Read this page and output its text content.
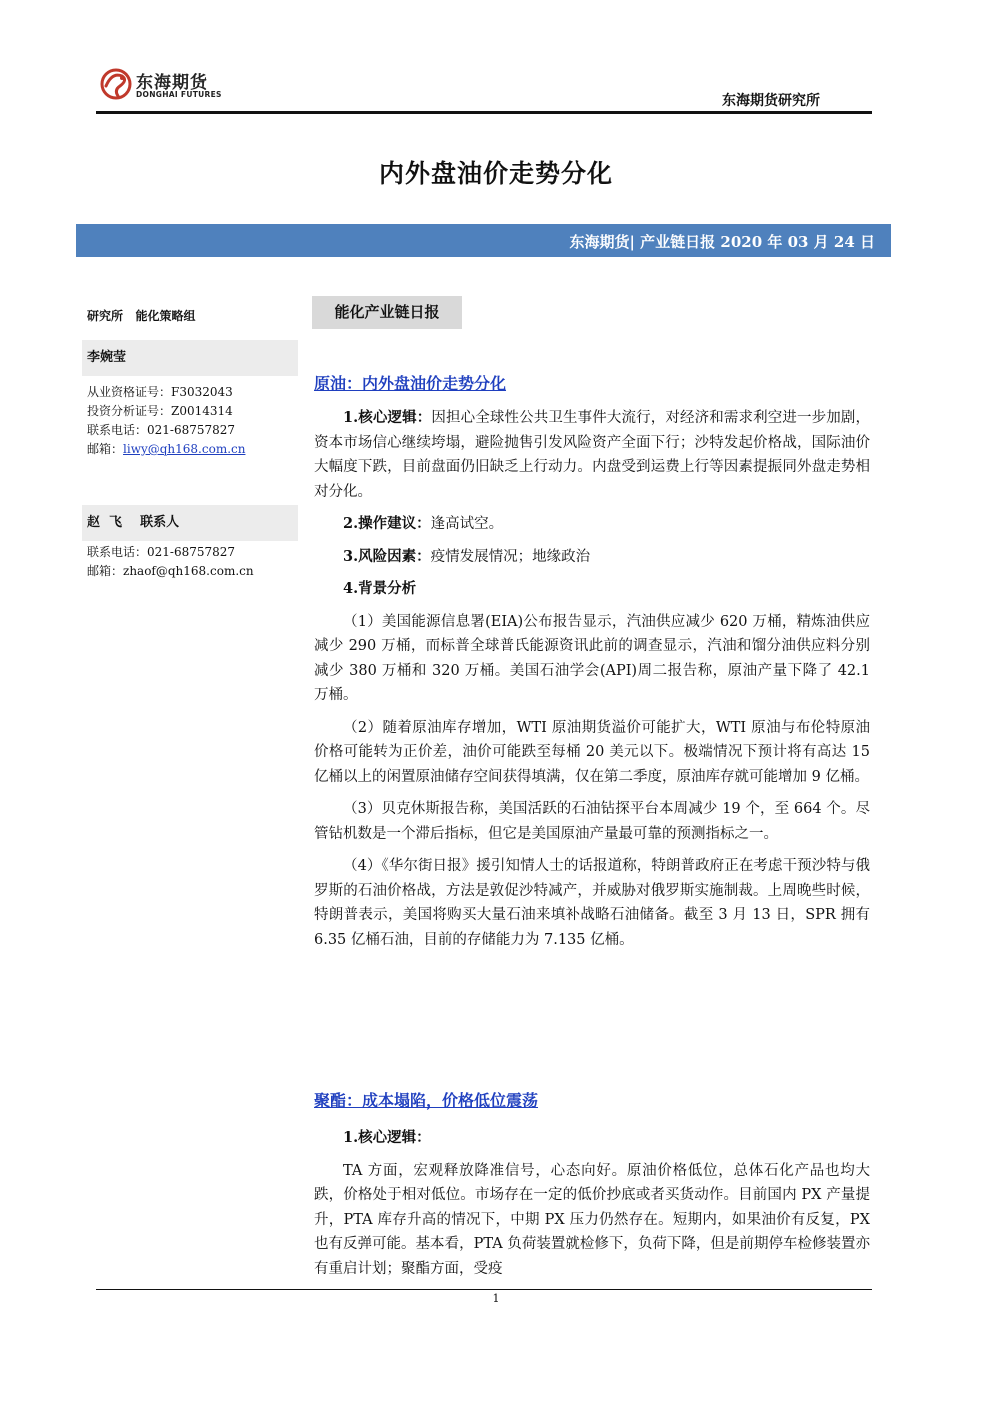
东海期货
DONGHAI FUTURES	东海期货研究所
内外盘油价走势分化
东海期货| 产业链日报 2020 年 03 月 24 日
研究所   能化策略组
李婉莹
从业资格证号：F3032043
投资分析证号：Z0014314
联系电话：021-68757827
邮箱：liwy@qh168.com.cn
赵  飞    联系人
联系电话：021-68757827
邮箱：zhaof@qh168.com.cn
能化产业链日报
原油：内外盘油价走势分化

1.核心逻辑：因担心全球性公共卫生事件大流行，对经济和需求利空进一步加剧，资本市场信心继续垮塌，避险抛售引发风险资产全面下行；沙特发起价格战，国际油价大幅度下跌，目前盘面仍旧缺乏上行动力。内盘受到运费上行等因素提振同外盘走势相对分化。

2.操作建议：逢高试空。

3.风险因素：疫情发展情况；地缘政治

4.背景分析

（1）美国能源信息署(EIA)公布报告显示，汽油供应减少 620 万桶，精炼油供应减少 290 万桶，而标普全球普氏能源资讯此前的调查显示，汽油和馏分油供应料分别减少 380 万桶和 320 万桶。美国石油学会(API)周二报告称，原油产量下降了 42.1 万桶。

（2）随着原油库存增加，WTI 原油期货溢价可能扩大，WTI 原油与布伦特原油价格可能转为正价差，油价可能跌至每桶 20 美元以下。极端情况下预计将有高达 15 亿桶以上的闲置原油储存空间获得填满，仅在第二季度，原油库存就可能增加 9 亿桶。

（3）贝克休斯报告称，美国活跃的石油钻探平台本周减少 19 个，至 664 个。尽管钻机数是一个滞后指标，但它是美国原油产量最可靠的预测指标之一。

（4）《华尔街日报》援引知情人士的话报道称，特朗普政府正在考虑干预沙特与俄罗斯的石油价格战，方法是敦促沙特减产，并威胁对俄罗斯实施制裁。上周晚些时候，特朗普表示，美国将购买大量石油来填补战略石油储备。截至 3 月 13 日，SPR 拥有 6.35 亿桶石油，目前的存储能力为 7.135 亿桶。

聚酯：成本塌陷，价格低位震荡

1.核心逻辑：

TA 方面，宏观释放降准信号，心态向好。原油价格低位，总体石化产品也均大跌，价格处于相对低位。市场存在一定的低价抄底或者买货动作。目前国内 PX 产量提升，PTA 库存升高的情况下，中期 PX 压力仍然存在。短期内，如果油价有反复，PX 也有反弹可能。基本看，PTA 负荷装置就检修下，负荷下降，但是前期停车检修装置亦有重启计划；聚酯方面，受疫

1
